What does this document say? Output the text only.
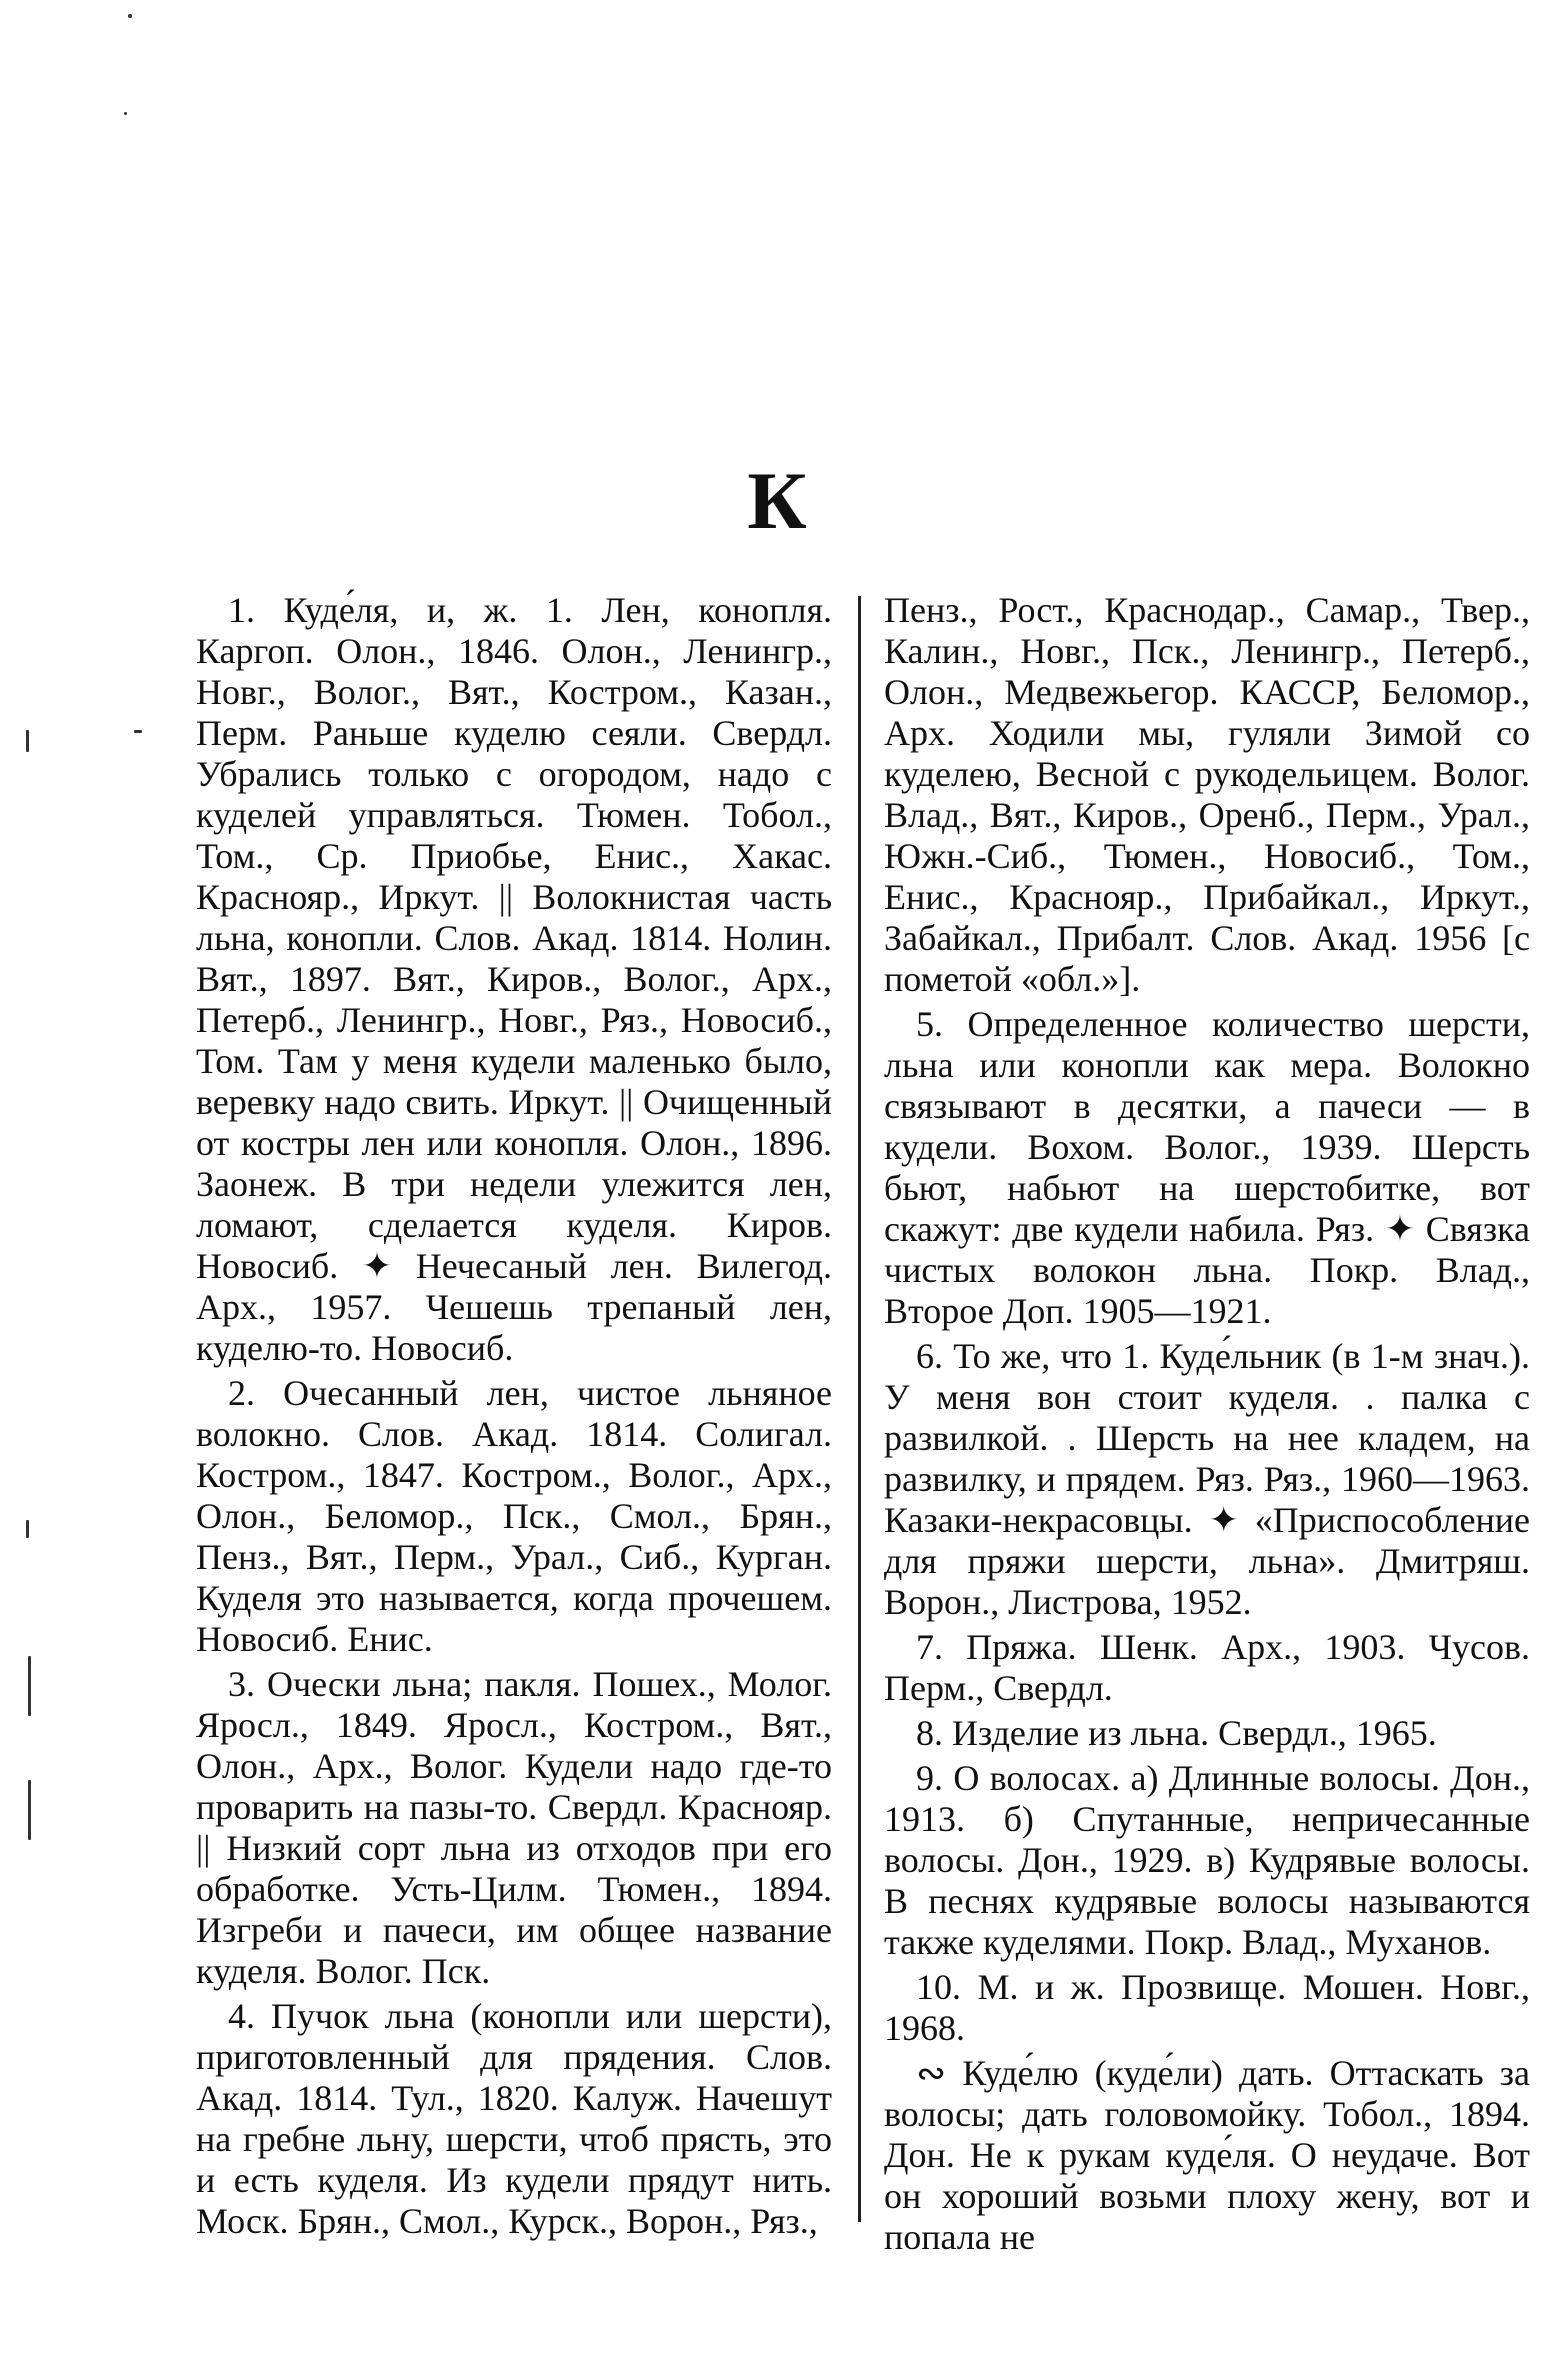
К

1. Куде́ля, и, ж. 1. Лен, конопля. Каргоп. Олон., 1846. Олон., Ленингр., Новг., Волог., Вят., Костром., Казан., Перм. Раньше куделю сеяли. Свердл. Убрались только с огородом, надо с куделей управляться. Тюмен. Тобол., Том., Ср. Приобье, Енис., Хакас. Краснояр., Иркут. || Волокнистая часть льна, конопли. Слов. Акад. 1814. Нолин. Вят., 1897. Вят., Киров., Волог., Арх., Петерб., Ленингр., Новг., Ряз., Новосиб., Том. Там у меня кудели маленько было, веревку надо свить. Иркут. || Очищенный от костры лен или конопля. Олон., 1896. Заонеж. В три недели улежится лен, ломают, сделается куделя. Киров. Новосиб. ✦ Нечесаный лен. Вилегод. Арх., 1957. Чешешь трепаный лен, куделю-то. Новосиб.

2. Очесанный лен, чистое льняное волокно. Слов. Акад. 1814. Солигал. Костром., 1847. Костром., Волог., Арх., Олон., Беломор., Пск., Смол., Брян., Пенз., Вят., Перм., Урал., Сиб., Курган. Куделя это называется, когда прочешем. Новосиб. Енис.

3. Очески льна; пакля. Пошех., Молог. Яросл., 1849. Яросл., Костром., Вят., Олон., Арх., Волог. Кудели надо где-то проварить на пазы-то. Свердл. Краснояр. || Низкий сорт льна из отходов при его обработке. Усть-Цилм. Тюмен., 1894. Изгреби и пачеси, им общее название куделя. Волог. Пск.

4. Пучок льна (конопли или шерсти), приготовленный для прядения. Слов. Акад. 1814. Тул., 1820. Калуж. Начешут на гребне льну, шерсти, чтоб прясть, это и есть куделя. Из кудели прядут нить. Моск. Брян., Смол., Курск., Ворон., Ряз.,

Пенз., Рост., Краснодар., Самар., Твер., Калин., Новг., Пск., Ленингр., Петерб., Олон., Медвежьегор. КАССР, Беломор., Арх. Ходили мы, гуляли Зимой со куделею, Весной с рукодельицем. Волог. Влад., Вят., Киров., Оренб., Перм., Урал., Южн.-Сиб., Тюмен., Новосиб., Том., Енис., Краснояр., Прибайкал., Иркут., Забайкал., Прибалт. Слов. Акад. 1956 [с пометой «обл.»].

5. Определенное количество шерсти, льна или конопли как мера. Волокно связывают в десятки, а пачеси — в кудели. Вохом. Волог., 1939. Шерсть бьют, набьют на шерстобитке, вот скажут: две кудели набила. Ряз. ✦ Связка чистых волокон льна. Покр. Влад., Второе Доп. 1905—1921.

6. То же, что 1. Куде́льник (в 1-м знач.). У меня вон стоит куделя. . палка с развилкой. . Шерсть на нее кладем, на развилку, и прядем. Ряз. Ряз., 1960—1963. Казаки-некрасовцы. ✦ «Приспособление для пряжи шерсти, льна». Дмитряш. Ворон., Листрова, 1952.

7. Пряжа. Шенк. Арх., 1903. Чусов. Перм., Свердл.

8. Изделие из льна. Свердл., 1965.

9. О волосах. а) Длинные волосы. Дон., 1913. б) Спутанные, непричесанные волосы. Дон., 1929. в) Кудрявые волосы. В песнях кудрявые волосы называются также куделями. Покр. Влад., Муханов.

10. М. и ж. Прозвище. Мошен. Новг., 1968.

∾ Куде́лю (куде́ли) дать. Оттаскать за волосы; дать головомойку. Тобол., 1894. Дон. Не к рукам куде́ля. О неудаче. Вот он хороший возьми плоху жену, вот и попала не
